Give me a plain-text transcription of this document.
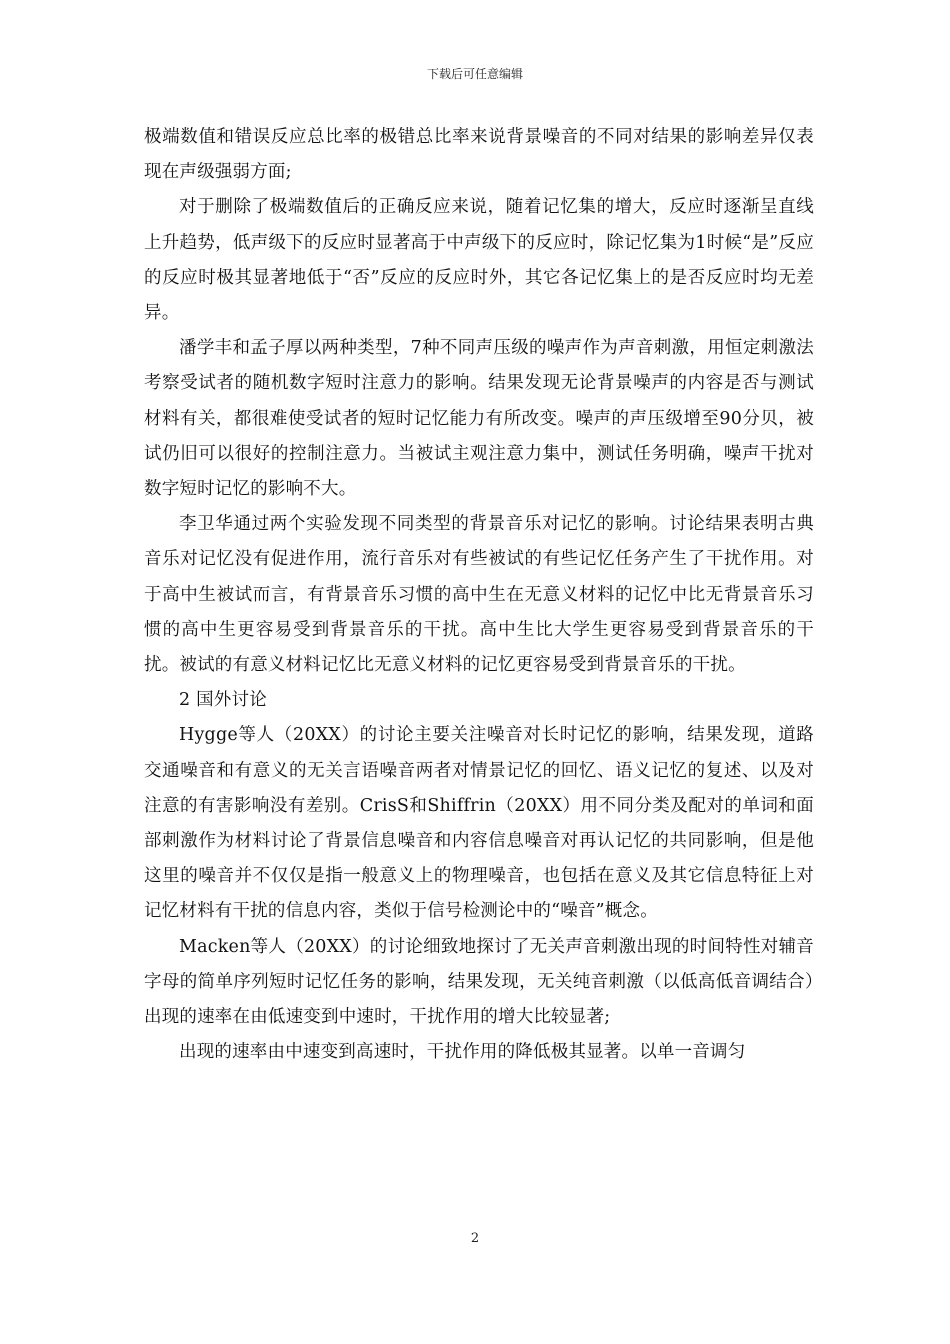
下载后可任意编辑

极端数值和错误反应总比率的极错总比率来说背景噪音的不同对结果的影响差异仅表现在声级强弱方面;

对于删除了极端数值后的正确反应来说，随着记忆集的增大，反应时逐渐呈直线上升趋势，低声级下的反应时显著高于中声级下的反应时，除记忆集为1时候“是”反应的反应时极其显著地低于“否”反应的反应时外，其它各记忆集上的是否反应时均无差异。

潘学丰和孟子厚以两种类型，7种不同声压级的噪声作为声音刺激，用恒定刺激法考察受试者的随机数字短时注意力的影响。结果发现无论背景噪声的内容是否与测试材料有关，都很难使受试者的短时记忆能力有所改变。噪声的声压级增至90分贝，被试仍旧可以很好的控制注意力。当被试主观注意力集中，测试任务明确，噪声干扰对数字短时记忆的影响不大。

李卫华通过两个实验发现不同类型的背景音乐对记忆的影响。讨论结果表明古典音乐对记忆没有促进作用，流行音乐对有些被试的有些记忆任务产生了干扰作用。对于高中生被试而言，有背景音乐习惯的高中生在无意义材料的记忆中比无背景音乐习惯的高中生更容易受到背景音乐的干扰。高中生比大学生更容易受到背景音乐的干扰。被试的有意义材料记忆比无意义材料的记忆更容易受到背景音乐的干扰。

2 国外讨论

Hygge等人（20XX）的讨论主要关注噪音对长时记忆的影响，结果发现，道路交通噪音和有意义的无关言语噪音两者对情景记忆的回忆、语义记忆的复述、以及对注意的有害影响没有差别。CrisS和Shiffrin（20XX）用不同分类及配对的单词和面部刺激作为材料讨论了背景信息噪音和内容信息噪音对再认记忆的共同影响，但是他这里的噪音并不仅仅是指一般意义上的物理噪音，也包括在意义及其它信息特征上对记忆材料有干扰的信息内容，类似于信号检测论中的“噪音”概念。

Macken等人（20XX）的讨论细致地探讨了无关声音刺激出现的时间特性对辅音字母的简单序列短时记忆任务的影响，结果发现，无关纯音刺激（以低高低音调结合）出现的速率在由低速变到中速时，干扰作用的增大比较显著;

出现的速率由中速变到高速时，干扰作用的降低极其显著。以单一音调匀

2
